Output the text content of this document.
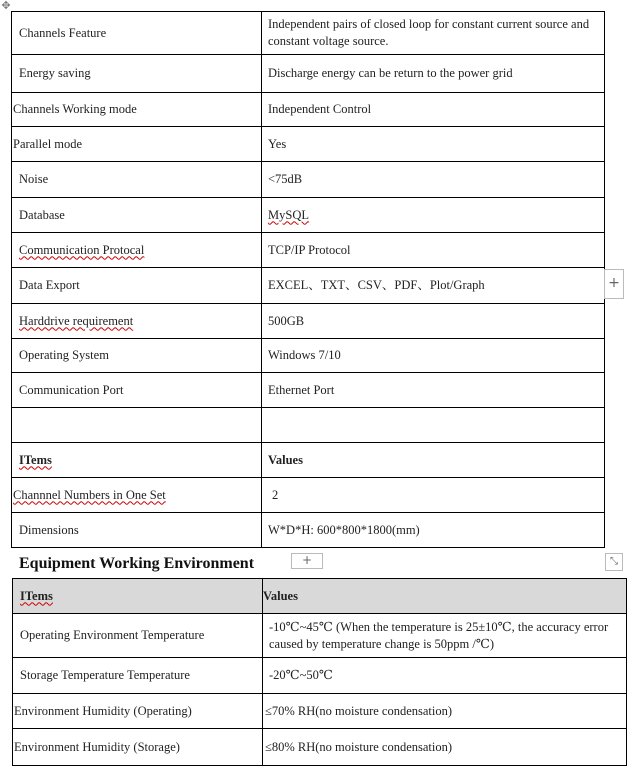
✥
Channels Feature	Independent pairs of closed loop for constant current source and constant voltage source.
Energy saving	Discharge energy can be return to the power grid
Channels Working mode	Independent Control
Parallel mode	Yes
Noise	<75dB
Database	MySQL
Communication Protocal	TCP/IP Protocol
Data Export	EXCEL、TXT、CSV、PDF、Plot/Graph
Harddrive requirement	500GB
Operating System	Windows 7/10
Communication Port	Ethernet Port

ITems	Values
Channnel Numbers in One Set	2
Dimensions	W*D*H: 600*800*1800(mm)
+
+	⤡
Equipment Working Environment
ITems	Values
Operating Environment Temperature	-10℃~45℃ (When the temperature is 25±10℃, the accuracy error caused by temperature change is 50ppm /℃)
Storage Temperature Temperature	-20℃~50℃
Environment Humidity (Operating)	≤70% RH(no moisture condensation)
Environment Humidity (Storage)	≤80% RH(no moisture condensation)
